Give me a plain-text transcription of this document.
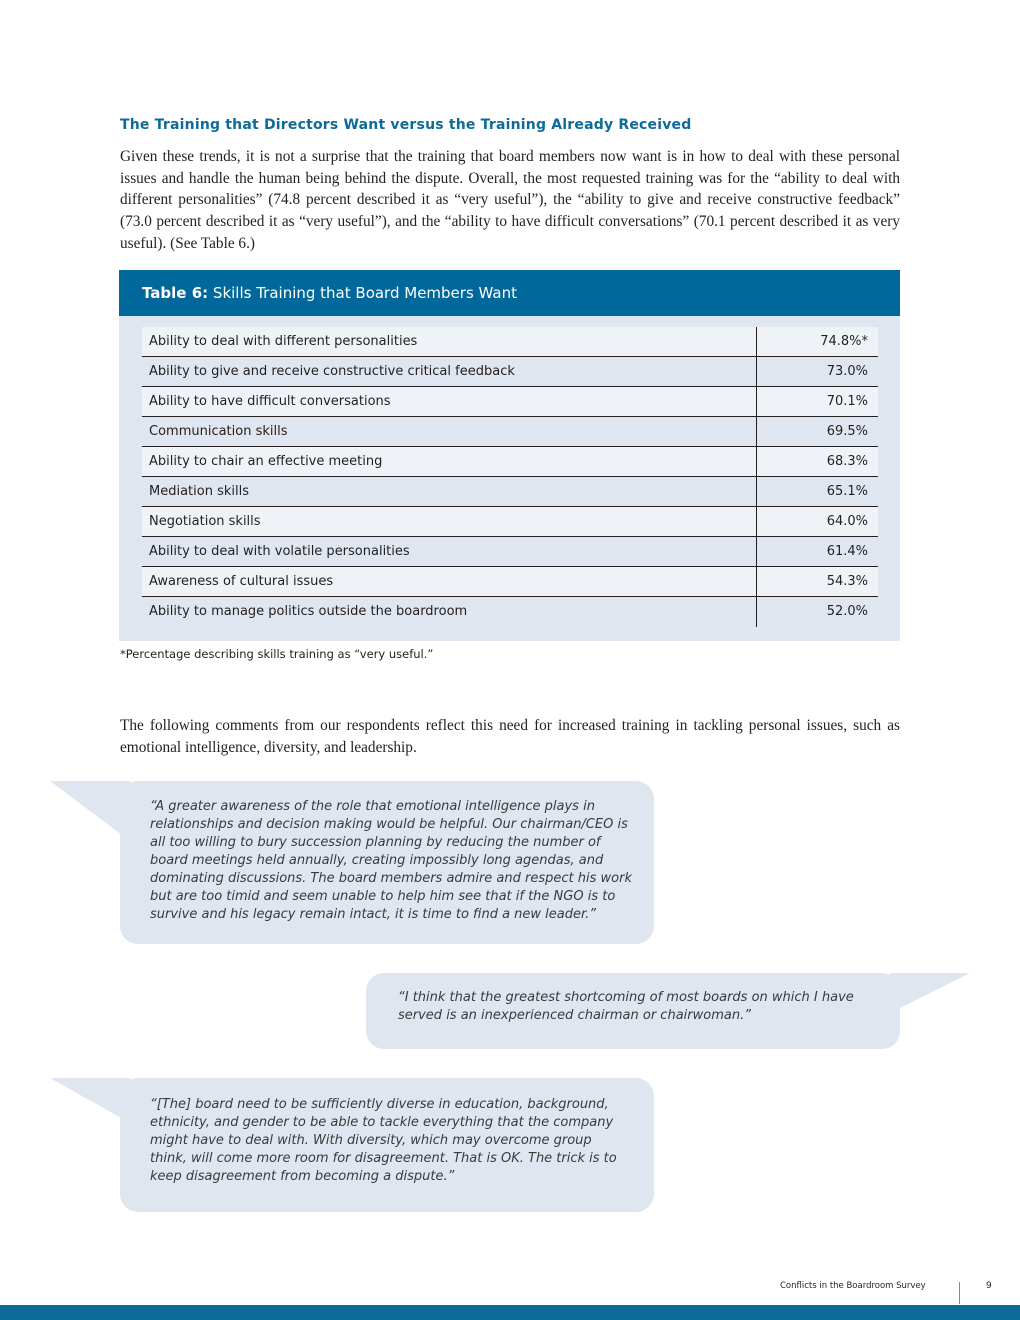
The Training that Directors Want versus the Training Already Received

Given these trends, it is not a surprise that the training that board members now want is in how to deal with these personal issues and handle the human being behind the dispute. Overall, the most requested training was for the “ability to deal with different personalities” (74.8 percent described it as “very useful”), the “ability to give and receive constructive feedback” (73.0 percent described it as “very useful”), and the “ability to have difficult conversations” (70.1 percent described it as very useful). (See Table 6.)

Table 6: Skills Training that Board Members Want
Ability to deal with different personalities	74.8%*
Ability to give and receive constructive critical feedback	73.0%
Ability to have difficult conversations	70.1%
Communication skills	69.5%
Ability to chair an effective meeting	68.3%
Mediation skills	65.1%
Negotiation skills	64.0%
Ability to deal with volatile personalities	61.4%
Awareness of cultural issues	54.3%
Ability to manage politics outside the boardroom	52.0%
*Percentage describing skills training as “very useful.”

The following comments from our respondents reflect this need for increased training in tackling personal issues, such as emotional intelligence, diversity, and leadership.

“A greater awareness of the role that emotional intelligence plays in relationships and decision making would be helpful. Our chairman/CEO is all too willing to bury succession planning by reducing the number of board meetings held annually, creating impossibly long agendas, and dominating discussions. The board members admire and respect his work but are too timid and seem unable to help him see that if the NGO is to survive and his legacy remain intact, it is time to find a new leader.”
“I think that the greatest shortcoming of most boards on which I have served is an inexperienced chairman or chairwoman.”
“[The] board need to be sufficiently diverse in education, background, ethnicity, and gender to be able to tackle everything that the company might have to deal with. With diversity, which may overcome group think, will come more room for disagreement. That is OK. The trick is to keep disagreement from becoming a dispute.”
Conflicts in the Boardroom Survey	9
